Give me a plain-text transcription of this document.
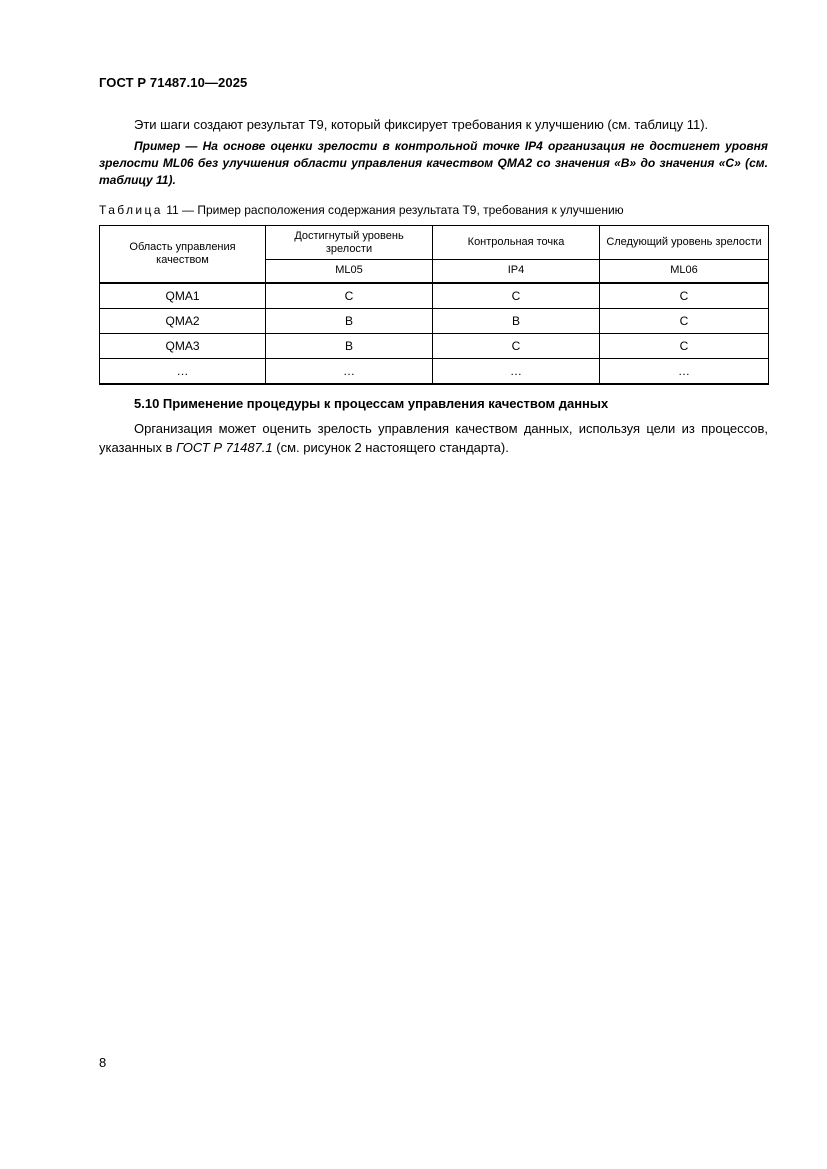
ГОСТ Р 71487.10—2025

Эти шаги создают результат T9, который фиксирует требования к улучшению (см. таблицу 11).

Пример — На основе оценки зрелости в контрольной точке IP4 организация не достигнет уровня зрелости ML06 без улучшения области управления качеством QMA2 со значения «B» до значения «C» (см. таблицу 11).

Таблица 11 — Пример расположения содержания результата T9, требования к улучшению
Область управления качеством	Достигнутый уровень зрелости	Контрольная точка	Следующий уровень зрелости
	ML05	IP4	ML06
QMA1	C	C	C
QMA2	B	B	C
QMA3	B	C	C
…	…	…	…
5.10 Применение процедуры к процессам управления качеством данных

Организация может оценить зрелость управления качеством данных, используя цели из процессов, указанных в ГОСТ Р 71487.1 (см. рисунок 2 настоящего стандарта).

8
